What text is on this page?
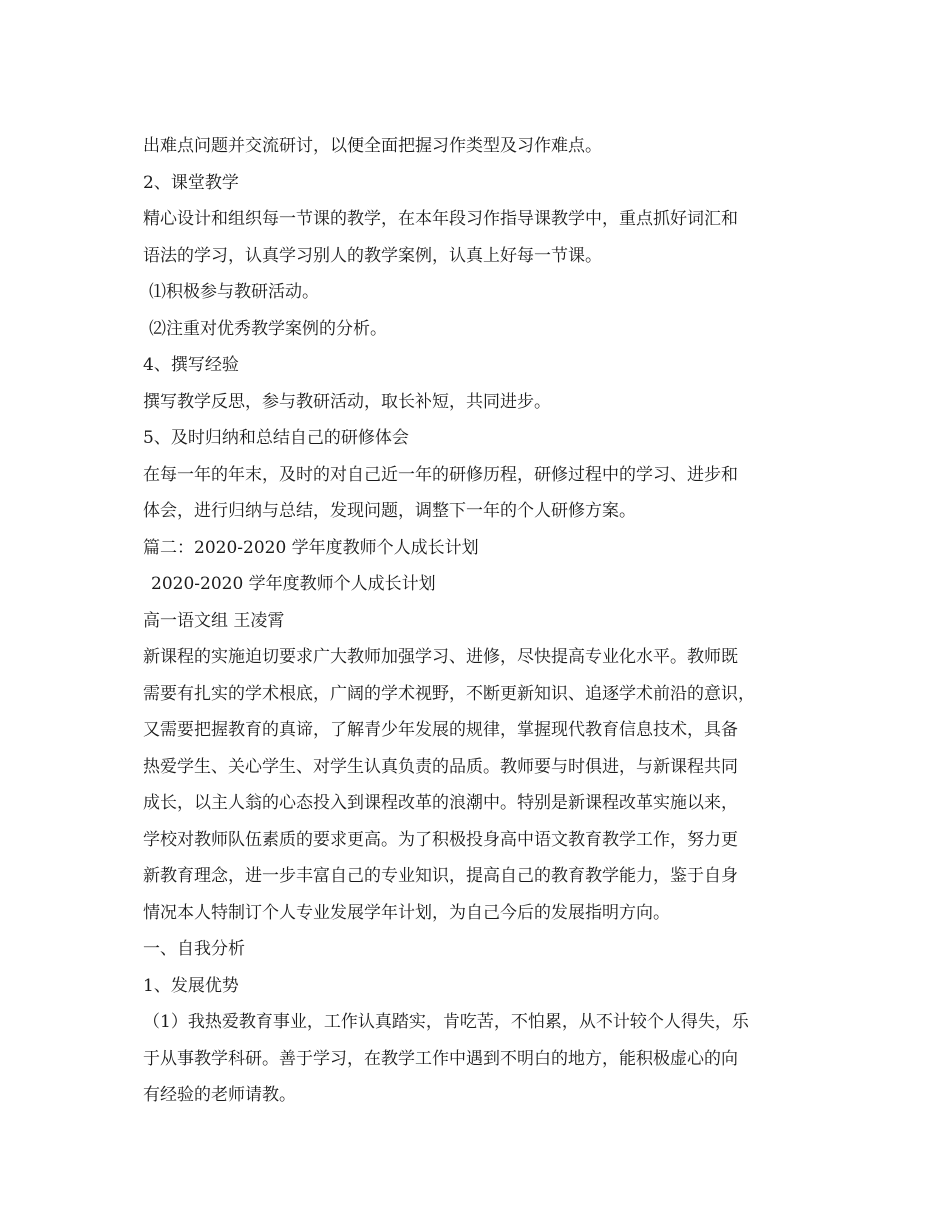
出难点问题并交流研讨，以便全面把握习作类型及习作难点。
2、课堂教学
精心设计和组织每一节课的教学，在本年段习作指导课教学中，重点抓好词汇和
语法的学习，认真学习别人的教学案例，认真上好每一节课。
⑴积极参与教研活动。
⑵注重对优秀教学案例的分析。
4、撰写经验
撰写教学反思，参与教研活动，取长补短，共同进步。
5、及时归纳和总结自己的研修体会
在每一年的年末，及时的对自己近一年的研修历程，研修过程中的学习、进步和
体会，进行归纳与总结，发现问题，调整下一年的个人研修方案。
篇二：2020-2020 学年度教师个人成长计划
2020-2020 学年度教师个人成长计划
高一语文组 王凌霄
新课程的实施迫切要求广大教师加强学习、进修，尽快提高专业化水平。教师既
需要有扎实的学术根底，广阔的学术视野，不断更新知识、追逐学术前沿的意识，
又需要把握教育的真谛，了解青少年发展的规律，掌握现代教育信息技术，具备
热爱学生、关心学生、对学生认真负责的品质。教师要与时俱进，与新课程共同
成长，以主人翁的心态投入到课程改革的浪潮中。特别是新课程改革实施以来，
学校对教师队伍素质的要求更高。为了积极投身高中语文教育教学工作，努力更
新教育理念，进一步丰富自己的专业知识，提高自己的教育教学能力，鉴于自身
情况本人特制订个人专业发展学年计划，为自己今后的发展指明方向。
一、自我分析
1、发展优势
（1）我热爱教育事业，工作认真踏实，肯吃苦，不怕累，从不计较个人得失，乐
于从事教学科研。善于学习，在教学工作中遇到不明白的地方，能积极虚心的向
有经验的老师请教。
